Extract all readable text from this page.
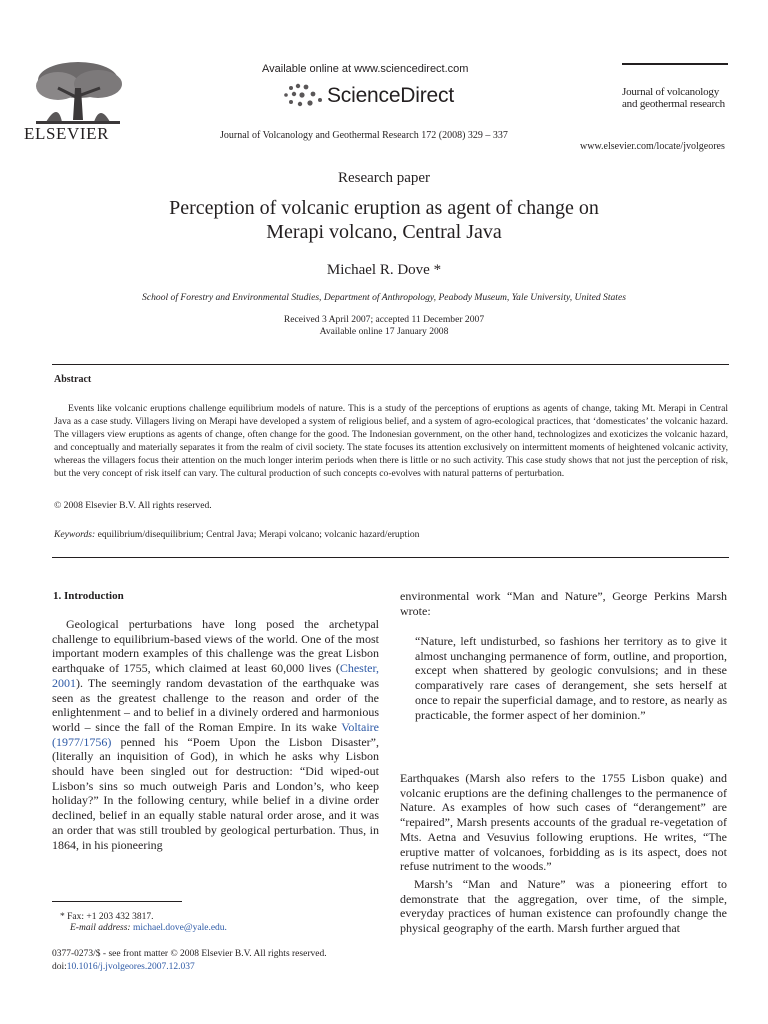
ELSEVIER
Available online at www.sciencedirect.com
ScienceDirect
Journal of Volcanology and Geothermal Research 172 (2008) 329 – 337
Journal of volcanology
and geothermal research
www.elsevier.com/locate/jvolgeores
Research paper
Perception of volcanic eruption as agent of change on
Merapi volcano, Central Java
Michael R. Dove *
School of Forestry and Environmental Studies, Department of Anthropology, Peabody Museum, Yale University, United States
Received 3 April 2007; accepted 11 December 2007
Available online 17 January 2008
Abstract
Events like volcanic eruptions challenge equilibrium models of nature. This is a study of the perceptions of eruptions as agents of change, taking Mt. Merapi in Central Java as a case study. Villagers living on Merapi have developed a system of religious belief, and a system of agro-ecological practices, that ‘domesticates’ the volcanic hazard. The villagers view eruptions as agents of change, often change for the good. The Indonesian government, on the other hand, technologizes and exoticizes the volcanic hazard, and conceptually and materially separates it from the realm of civil society. The state focuses its attention exclusively on intermittent moments of heightened volcanic activity, whereas the villagers focus their attention on the much longer interim periods when there is little or no such activity. This case study shows that not just the perception of risk, but the very concept of risk itself can vary. The cultural production of such concepts co-evolves with natural patterns of perturbation.
© 2008 Elsevier B.V. All rights reserved.
Keywords: equilibrium/disequilibrium; Central Java; Merapi volcano; volcanic hazard/eruption
1. Introduction
Geological perturbations have long posed the archetypal challenge to equilibrium-based views of the world. One of the most important modern examples of this challenge was the great Lisbon earthquake of 1755, which claimed at least 60,000 lives (Chester, 2001). The seemingly random devastation of the earthquake was seen as the greatest challenge to the reason and order of the enlightenment – and to belief in a divinely ordered and harmonious world – since the fall of the Roman Empire. In its wake Voltaire (1977/1756) penned his “Poem Upon the Lisbon Disaster”, (literally an inquisition of God), in which he asks why Lisbon should have been singled out for destruction: “Did wiped-out Lisbon’s sins so much outweigh Paris and London’s, who keep holiday?” In the following century, while belief in a divine order declined, belief in an equally stable natural order arose, and it was an order that was still troubled by geological perturbation. Thus, in 1864, in his pioneering
environmental work “Man and Nature”, George Perkins Marsh wrote:
“Nature, left undisturbed, so fashions her territory as to give it almost unchanging permanence of form, outline, and proportion, except when shattered by geologic convulsions; and in these comparatively rare cases of derangement, she sets herself at once to repair the superficial damage, and to restore, as nearly as practicable, the former aspect of her dominion.”
Earthquakes (Marsh also refers to the 1755 Lisbon quake) and volcanic eruptions are the defining challenges to the permanence of Nature. As examples of how such cases of “derangement” are “repaired”, Marsh presents accounts of the gradual re-vegetation of Mts. Aetna and Vesuvius following eruptions. He writes, “The eruptive matter of volcanoes, forbidding as is its aspect, does not refuse nutriment to the woods.”
Marsh’s “Man and Nature” was a pioneering effort to demonstrate that the aggregation, over time, of the simple, everyday practices of human existence can profoundly change the physical geography of the earth. Marsh further argued that
* Fax: +1 203 432 3817.
E-mail address: michael.dove@yale.edu.
0377-0273/$ - see front matter © 2008 Elsevier B.V. All rights reserved.
doi:10.1016/j.jvolgeores.2007.12.037
